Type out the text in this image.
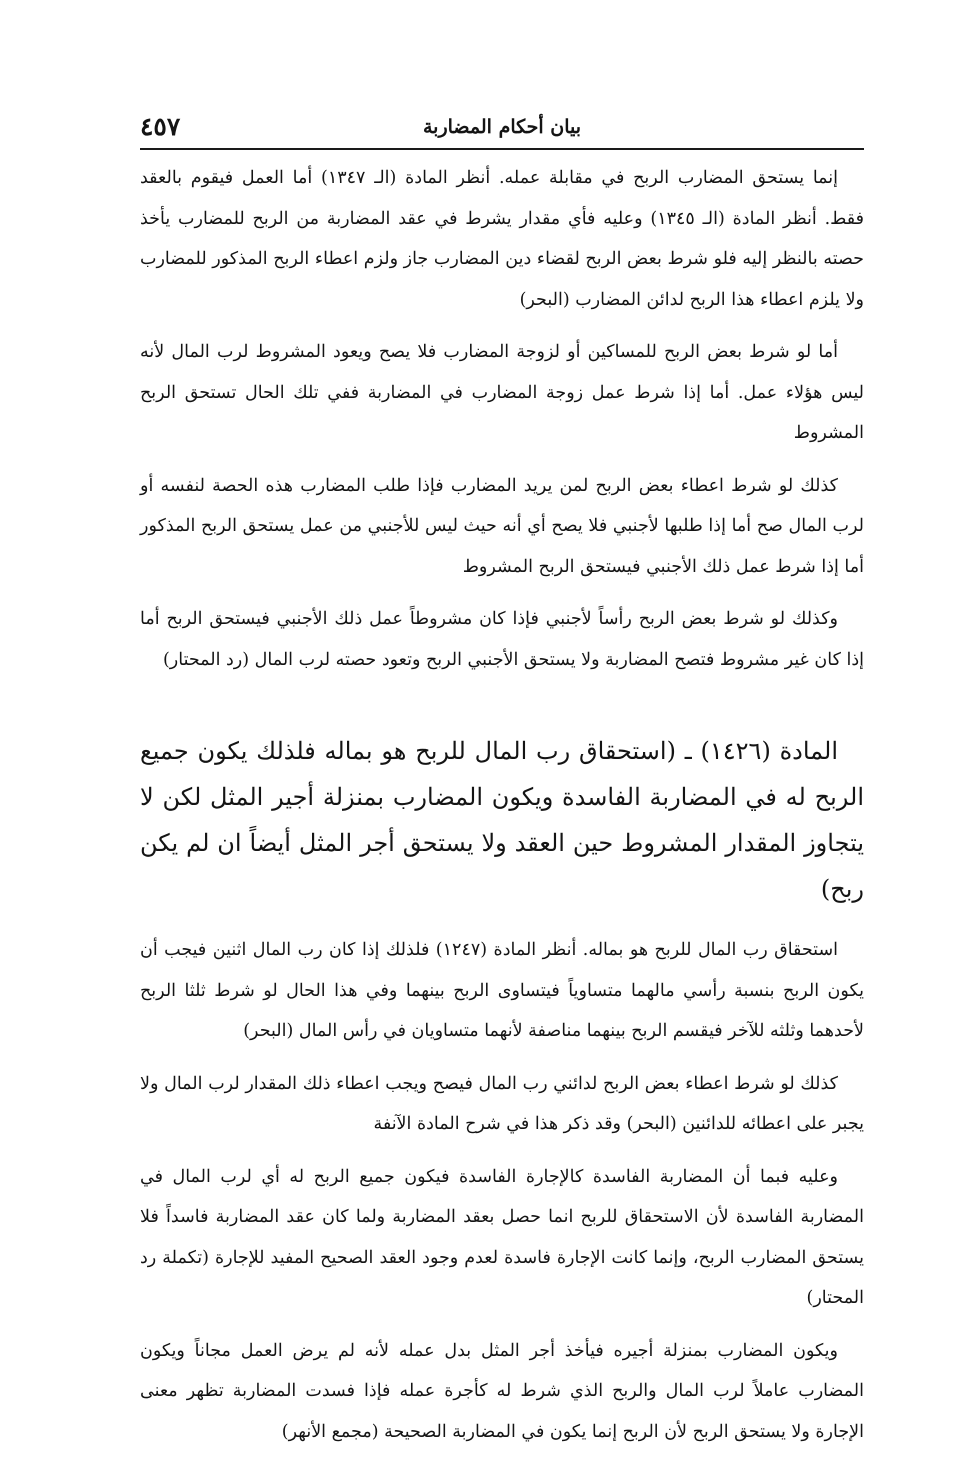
بيان أحكام المضاربة
٤٥٧

إنما يستحق المضارب الربح في مقابلة عمله. أنظر المادة (الـ ١٣٤٧) أما العمل فيقوم بالعقد فقط. أنظر المادة (الـ ١٣٤٥) وعليه فأي مقدار يشرط في عقد المضاربة من الربح للمضارب يأخذ حصته بالنظر إليه فلو شرط بعض الربح لقضاء دين المضارب جاز ولزم اعطاء الربح المذكور للمضارب ولا يلزم اعطاء هذا الربح لدائن المضارب (البحر)

أما لو شرط بعض الربح للمساكين أو لزوجة المضارب فلا يصح ويعود المشروط لرب المال لأنه ليس هؤلاء عمل. أما إذا شرط عمل زوجة المضارب في المضاربة ففي تلك الحال تستحق الربح المشروط

كذلك لو شرط اعطاء بعض الربح لمن يريد المضارب فإذا طلب المضارب هذه الحصة لنفسه أو لرب المال صح أما إذا طلبها لأجنبي فلا يصح أي أنه حيث ليس للأجنبي من عمل يستحق الربح المذكور أما إذا شرط عمل ذلك الأجنبي فيستحق الربح المشروط

وكذلك لو شرط بعض الربح رأساً لأجنبي فإذا كان مشروطاً عمل ذلك الأجنبي فيستحق الربح أما إذا كان غير مشروط فتصح المضاربة ولا يستحق الأجنبي الربح وتعود حصته لرب المال (رد المحتار)

المادة (١٤٢٦) ـ (استحقاق رب المال للربح هو بماله فلذلك يكون جميع الربح له في المضاربة الفاسدة ويكون المضارب بمنزلة أجير المثل لكن لا يتجاوز المقدار المشروط حين العقد ولا يستحق أجر المثل أيضاً ان لم يكن ربح)

استحقاق رب المال للربح هو بماله. أنظر المادة (١٢٤٧) فلذلك إذا كان رب المال اثنين فيجب أن يكون الربح بنسبة رأسي مالهما متساوياً فيتساوى الربح بينهما وفي هذا الحال لو شرط ثلثا الربح لأحدهما وثلثه للآخر فيقسم الربح بينهما مناصفة لأنهما متساويان في رأس المال (البحر)

كذلك لو شرط اعطاء بعض الربح لدائني رب المال فيصح ويجب اعطاء ذلك المقدار لرب المال ولا يجبر على اعطائه للدائنين (البحر) وقد ذكر هذا في شرح المادة الآنفة

وعليه فبما أن المضاربة الفاسدة كالإجارة الفاسدة فيكون جميع الربح له أي لرب المال في المضاربة الفاسدة لأن الاستحقاق للربح انما حصل بعقد المضاربة ولما كان عقد المضاربة فاسداً فلا يستحق المضارب الربح، وإنما كانت الإجارة فاسدة لعدم وجود العقد الصحيح المفيد للإجارة (تكملة رد المحتار)

ويكون المضارب بمنزلة أجيره فيأخذ أجر المثل بدل عمله لأنه لم يرض العمل مجاناً ويكون المضارب عاملاً لرب المال والربح الذي شرط له كأجرة عمله فإذا فسدت المضاربة تظهر معنى الإجارة ولا يستحق الربح لأن الربح إنما يكون في المضاربة الصحيحة (مجمع الأنهر)
